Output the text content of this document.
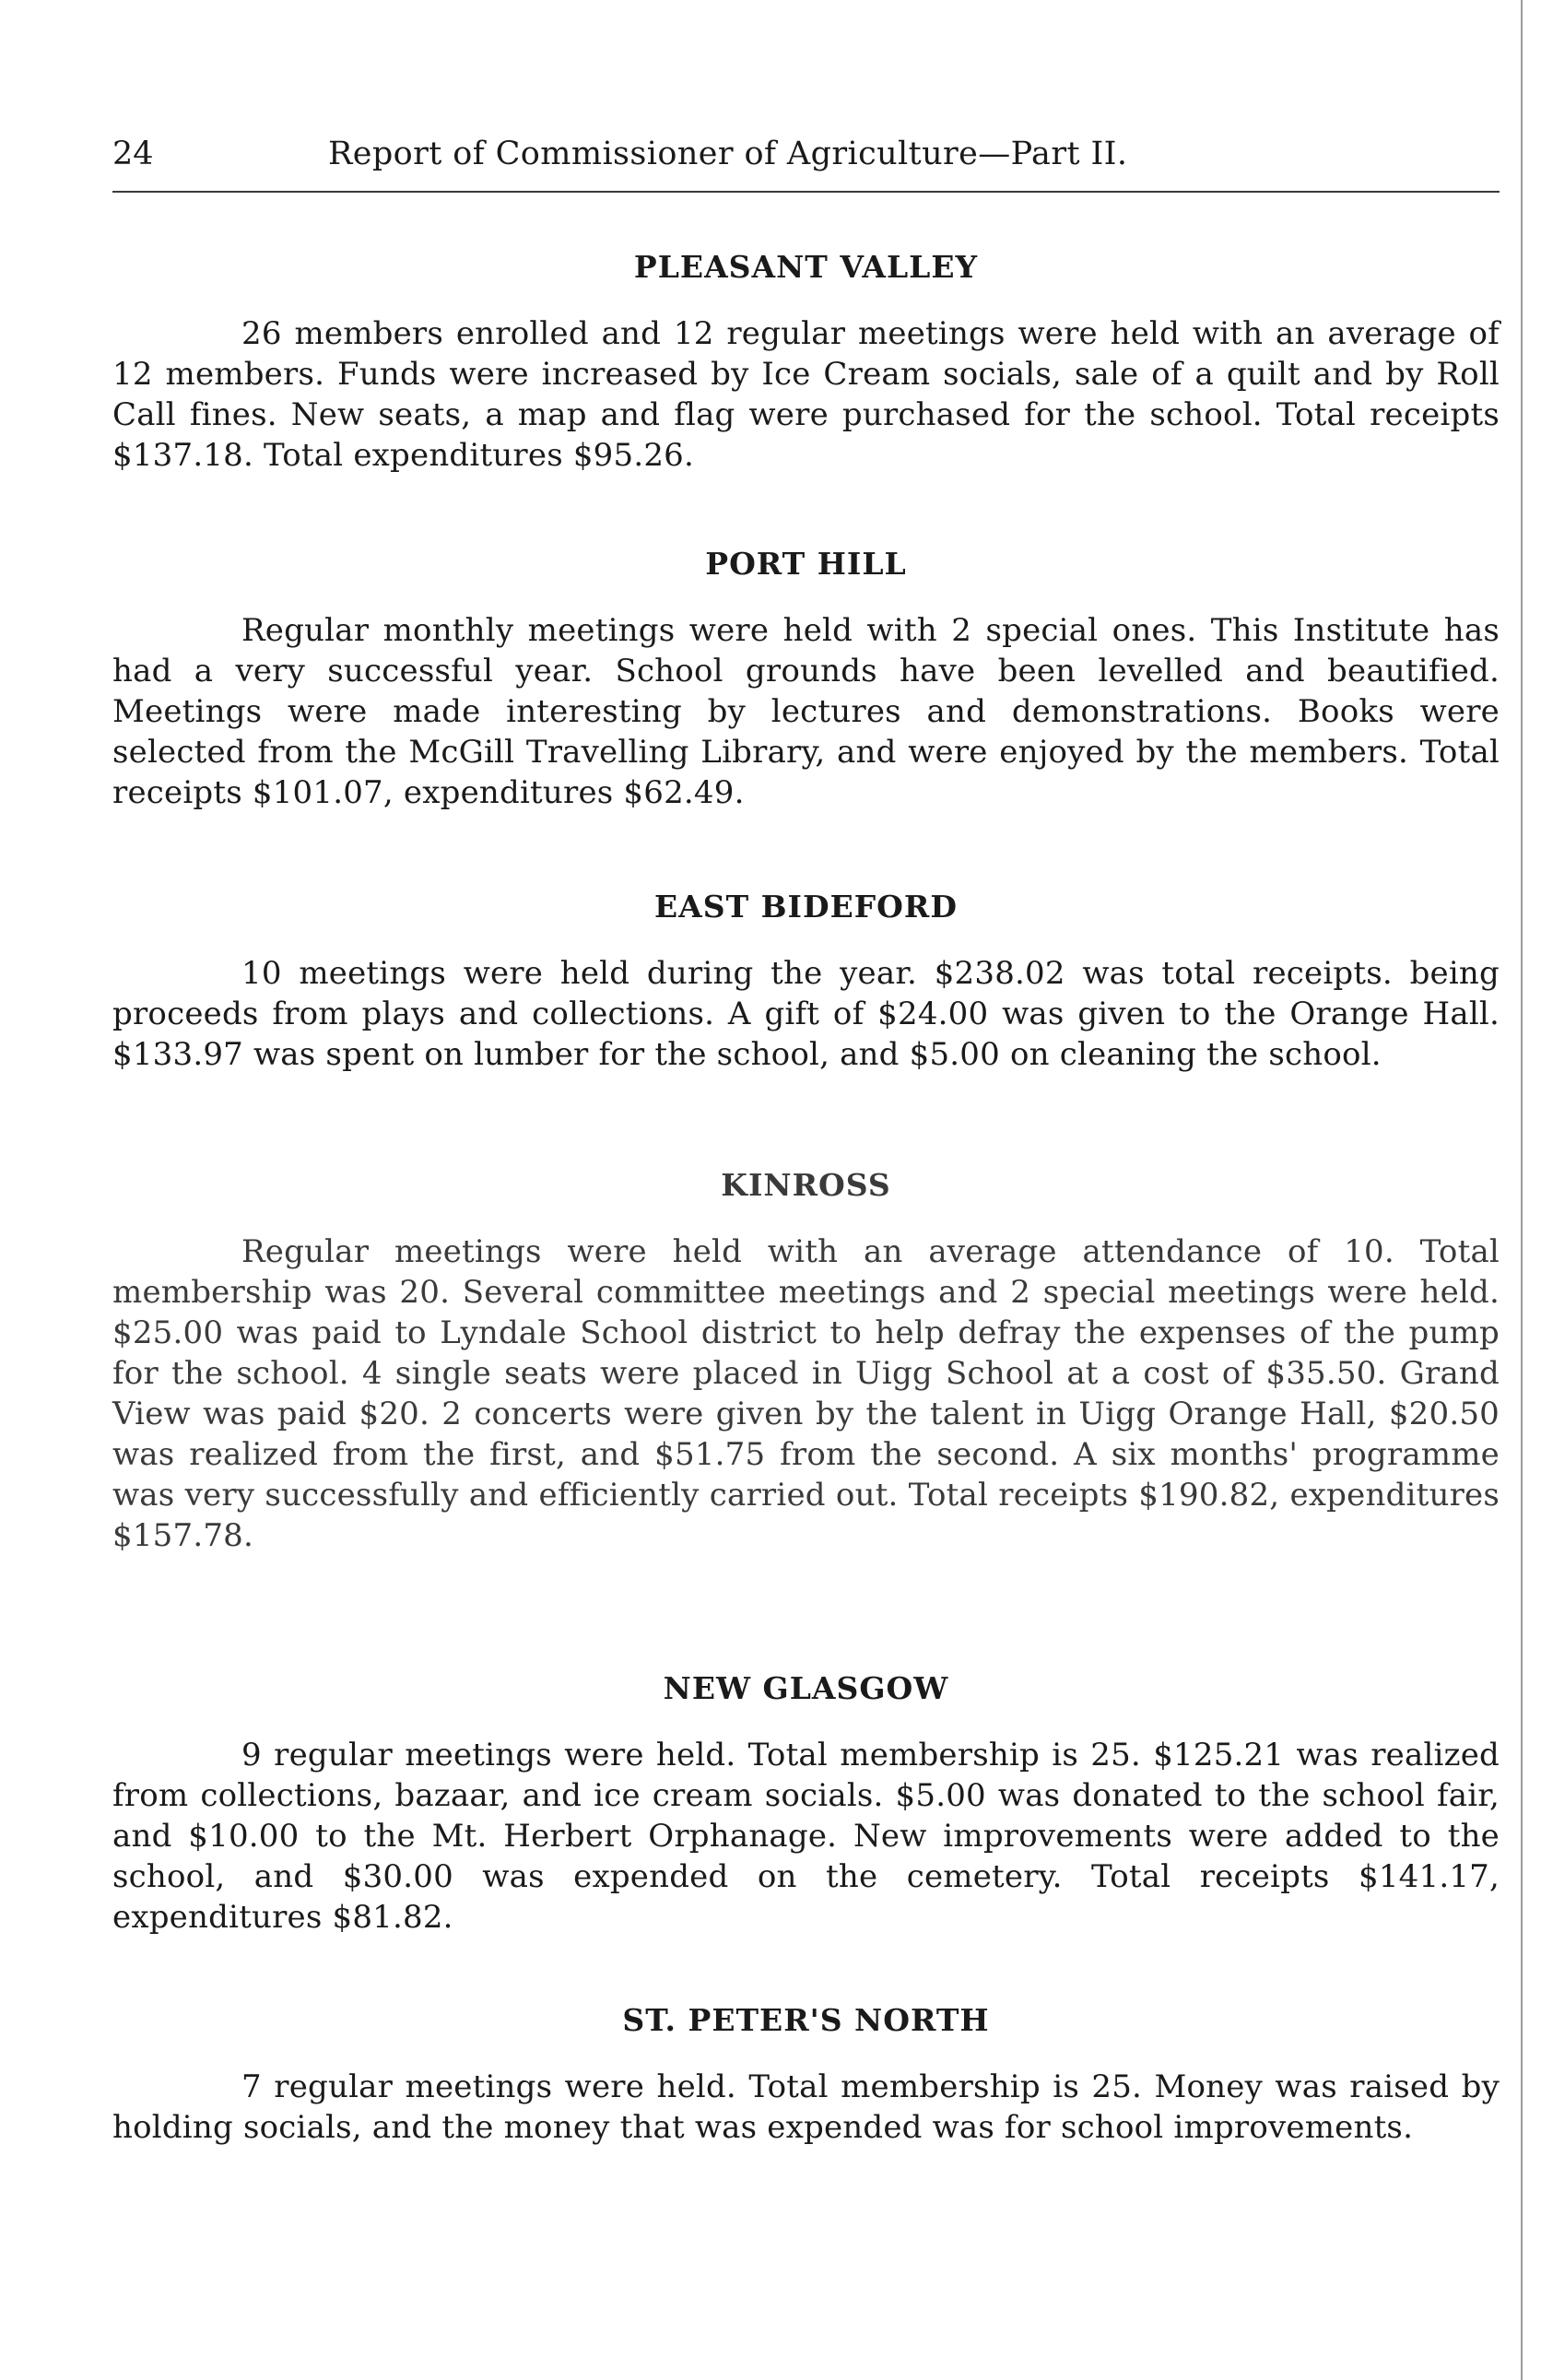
24	Report of Commissioner of Agriculture—Part II.
PLEASANT VALLEY

26 members enrolled and 12 regular meetings were held with an average of 12 members. Funds were increased by Ice Cream socials, sale of a quilt and by Roll Call fines. New seats, a map and flag were purchased for the school. Total receipts $137.18. Total expenditures $95.26.

PORT HILL

Regular monthly meetings were held with 2 special ones. This Institute has had a very successful year. School grounds have been levelled and beautified. Meetings were made interesting by lectures and demonstrations. Books were selected from the McGill Travelling Library, and were enjoyed by the members. Total receipts $101.07, expenditures $62.49.

EAST BIDEFORD

10 meetings were held during the year. $238.02 was total receipts. being proceeds from plays and collections. A gift of $24.00 was given to the Orange Hall. $133.97 was spent on lumber for the school, and $5.00 on cleaning the school.

KINROSS

Regular meetings were held with an average attendance of 10. Total membership was 20. Several committee meetings and 2 special meetings were held. $25.00 was paid to Lyndale School district to help defray the expenses of the pump for the school. 4 single seats were placed in Uigg School at a cost of $35.50. Grand View was paid $20. 2 concerts were given by the talent in Uigg Orange Hall, $20.50 was realized from the first, and $51.75 from the second. A six months' programme was very successfully and efficiently carried out. Total receipts $190.82, expenditures $157.78.

NEW GLASGOW

9 regular meetings were held. Total membership is 25. $125.21 was realized from collections, bazaar, and ice cream socials. $5.00 was donated to the school fair, and $10.00 to the Mt. Herbert Orphanage. New improvements were added to the school, and $30.00 was expended on the cemetery. Total receipts $141.17, expenditures $81.82.

ST. PETER'S NORTH

7 regular meetings were held. Total membership is 25. Money was raised by holding socials, and the money that was expended was for school improvements.
